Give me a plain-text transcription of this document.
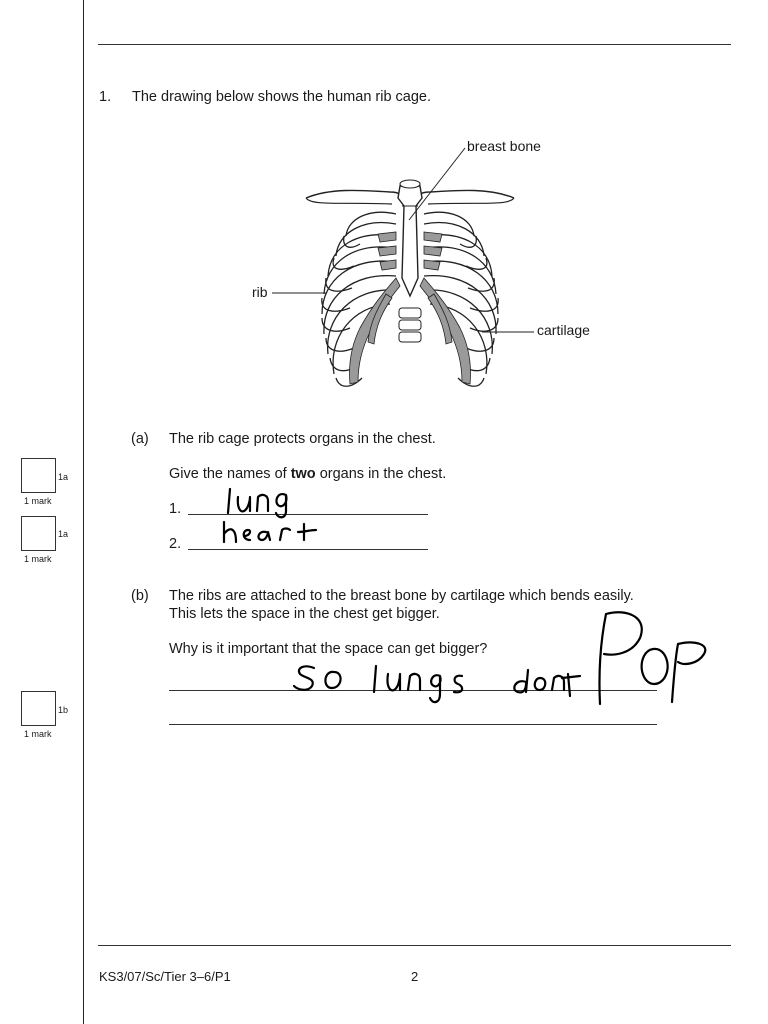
1. The drawing below shows the human rib cage.
breast bone
rib
cartilage
(a) The rib cage protects organs in the chest.
Give the names of two organs in the chest.
1.
2.
(b) The ribs are attached to the breast bone by cartilage which bends easily.
This lets the space in the chest get bigger.
Why is it important that the space can get bigger?
1a
1 mark
1a
1 mark
1b
1 mark
KS3/07/Sc/Tier 3–6/P1	2
